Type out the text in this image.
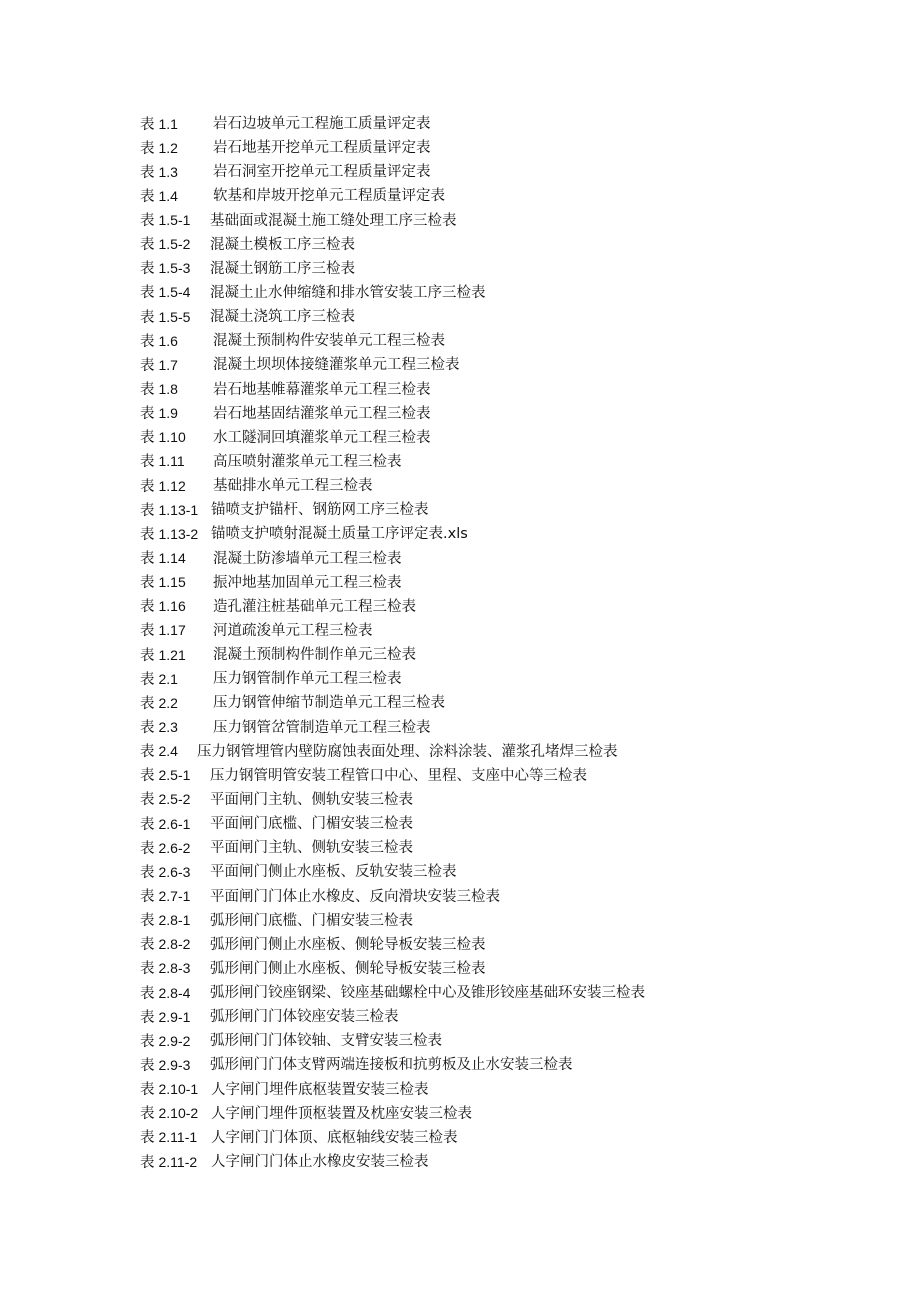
表 1.1	岩石边坡单元工程施工质量评定表
表 1.2	岩石地基开挖单元工程质量评定表
表 1.3	岩石洞室开挖单元工程质量评定表
表 1.4	软基和岸坡开挖单元工程质量评定表
表 1.5-1	基础面或混凝土施工缝处理工序三检表
表 1.5-2	混凝土模板工序三检表
表 1.5-3	混凝土钢筋工序三检表
表 1.5-4	混凝土止水伸缩缝和排水管安装工序三检表
表 1.5-5	混凝土浇筑工序三检表
表 1.6	混凝土预制构件安装单元工程三检表
表 1.7	混凝土坝坝体接缝灌浆单元工程三检表
表 1.8	岩石地基帷幕灌浆单元工程三检表
表 1.9	岩石地基固结灌浆单元工程三检表
表 1.10	水工隧洞回填灌浆单元工程三检表
表 1.11	高压喷射灌浆单元工程三检表
表 1.12	基础排水单元工程三检表
表 1.13-1 锚喷支护锚杆、钢筋网工序三检表
表 1.13-2 锚喷支护喷射混凝土质量工序评定表.xls
表 1.14	混凝土防渗墙单元工程三检表
表 1.15	振冲地基加固单元工程三检表
表 1.16	造孔灌注桩基础单元工程三检表
表 1.17	河道疏浚单元工程三检表
表 1.21	混凝土预制构件制作单元三检表
表 2.1	压力钢管制作单元工程三检表
表 2.2	压力钢管伸缩节制造单元工程三检表
表 2.3	压力钢管岔管制造单元工程三检表
表 2.4	压力钢管埋管内壁防腐蚀表面处理、涂料涂装、灌浆孔堵焊三检表
表 2.5-1	压力钢管明管安装工程管口中心、里程、支座中心等三检表
表 2.5-2	平面闸门主轨、侧轨安装三检表
表 2.6-1	平面闸门底槛、门楣安装三检表
表 2.6-2	平面闸门主轨、侧轨安装三检表
表 2.6-3	平面闸门侧止水座板、反轨安装三检表
表 2.7-1	平面闸门门体止水橡皮、反向滑块安装三检表
表 2.8-1	弧形闸门底槛、门楣安装三检表
表 2.8-2	弧形闸门侧止水座板、侧轮导板安装三检表
表 2.8-3	弧形闸门侧止水座板、侧轮导板安装三检表
表 2.8-4	弧形闸门铰座钢梁、铰座基础螺栓中心及锥形铰座基础环安装三检表
表 2.9-1	弧形闸门门体铰座安装三检表
表 2.9-2	弧形闸门门体铰轴、支臂安装三检表
表 2.9-3	弧形闸门门体支臂两端连接板和抗剪板及止水安装三检表
表 2.10-1 人字闸门埋件底枢装置安装三检表
表 2.10-2 人字闸门埋件顶枢装置及枕座安装三检表
表 2.11-1 人字闸门门体顶、底枢轴线安装三检表
表 2.11-2 人字闸门门体止水橡皮安装三检表
